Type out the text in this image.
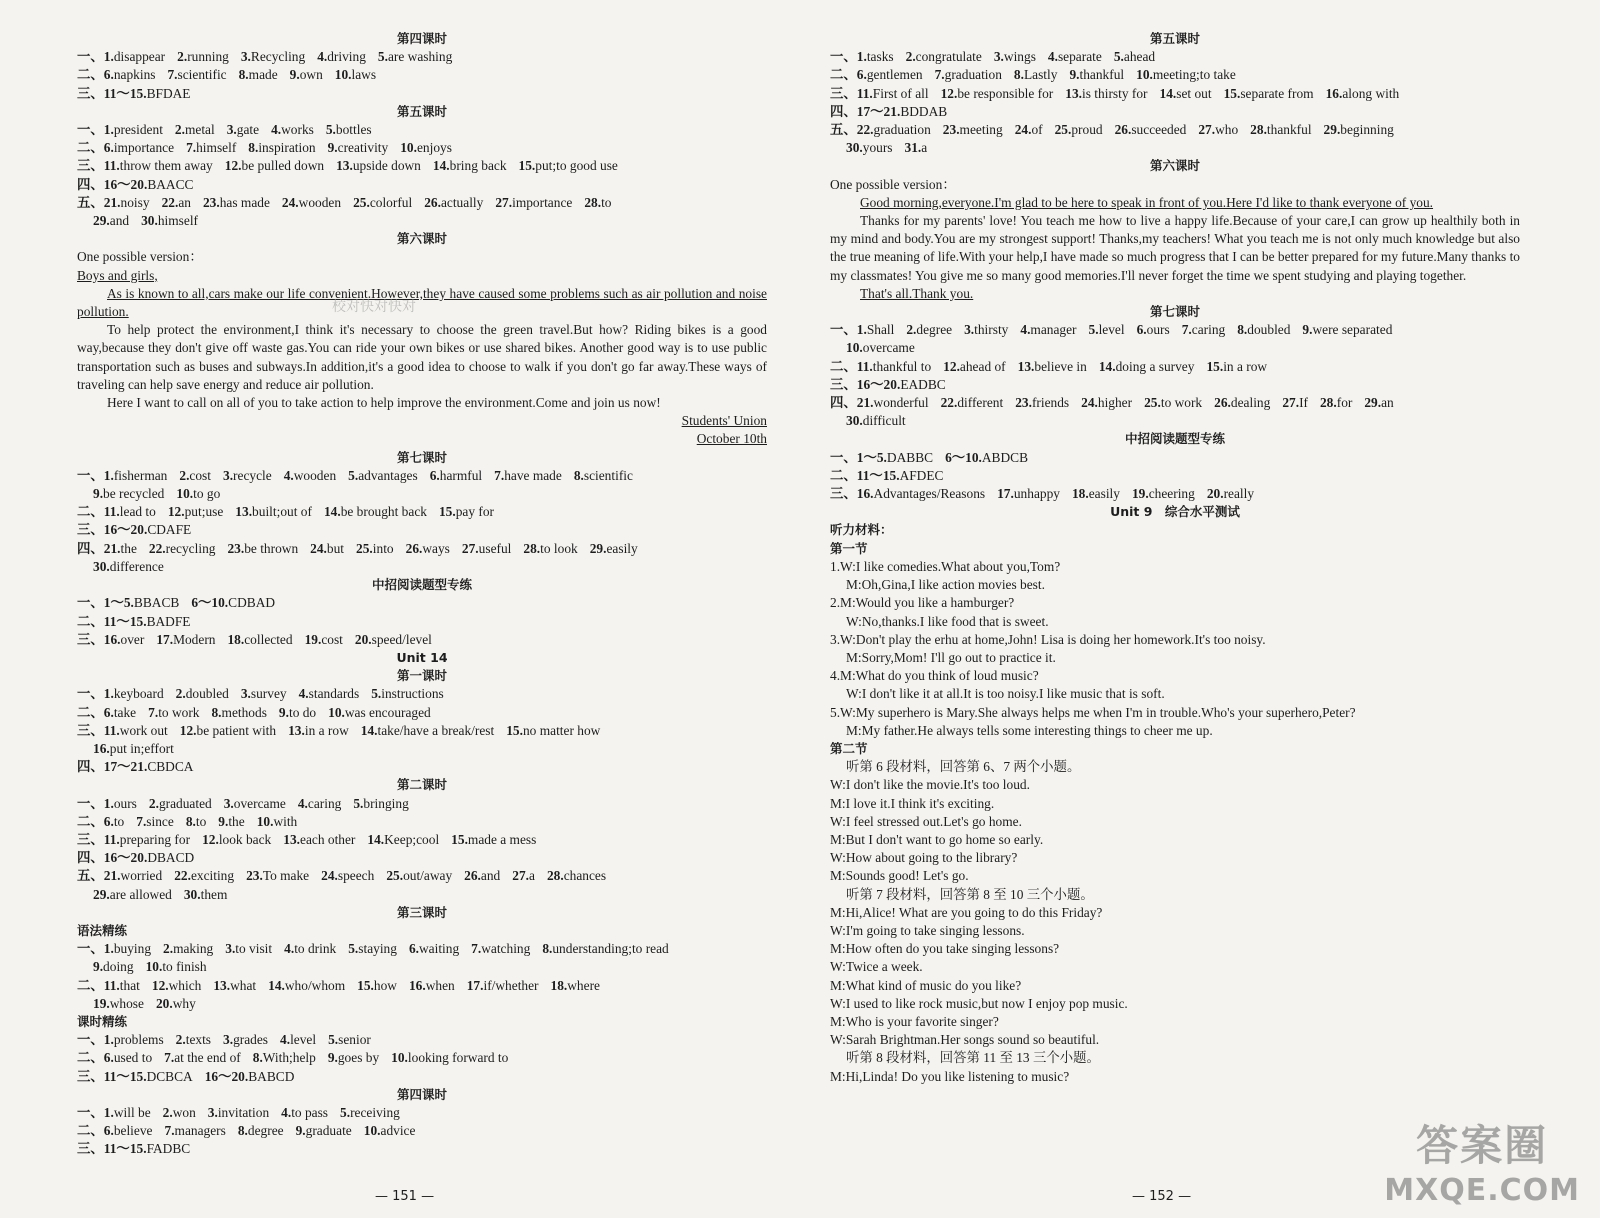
第四课时
一、1.disappear 2.running 3.Recycling 4.driving 5.are washing
二、6.napkins 7.scientific 8.made 9.own 10.laws
三、11～15.BFDAE
第五课时
一、1.president 2.metal 3.gate 4.works 5.bottles
二、6.importance 7.himself 8.inspiration 9.creativity 10.enjoys
三、11.throw them away 12.be pulled down 13.upside down 14.bring back 15.put;to good use
四、16～20.BAACC
五、21.noisy 22.an 23.has made 24.wooden 25.colorful 26.actually 27.importance 28.to
29.and 30.himself
第六课时
One possible version：
Boys and girls,
As is known to all,cars make our life convenient.However,they have caused some problems such as air pollution and noise pollution.
To help protect the environment,I think it's necessary to choose the green travel.But how? Riding bikes is a good way,because they don't give off waste gas.You can ride your own bikes or use shared bikes. Another good way is to use public transportation such as buses and subways.In addition,it's a good idea to choose to walk if you don't go far away.These ways of traveling can help save energy and reduce air pollution.
Here I want to call on all of you to take action to help improve the environment.Come and join us now!
Students' Union
October 10th
第七课时
一、1.fisherman 2.cost 3.recycle 4.wooden 5.advantages 6.harmful 7.have made 8.scientific
9.be recycled 10.to go
二、11.lead to 12.put;use 13.built;out of 14.be brought back 15.pay for
三、16～20.CDAFE
四、21.the 22.recycling 23.be thrown 24.but 25.into 26.ways 27.useful 28.to look 29.easily
30.difference
中招阅读题型专练
一、1～5.BBACB 6～10.CDBAD
二、11～15.BADFE
三、16.over 17.Modern 18.collected 19.cost 20.speed/level
Unit 14
第一课时
一、1.keyboard 2.doubled 3.survey 4.standards 5.instructions
二、6.take 7.to work 8.methods 9.to do 10.was encouraged
三、11.work out 12.be patient with 13.in a row 14.take/have a break/rest 15.no matter how
16.put in;effort
四、17～21.CBDCA
第二课时
一、1.ours 2.graduated 3.overcame 4.caring 5.bringing
二、6.to 7.since 8.to 9.the 10.with
三、11.preparing for 12.look back 13.each other 14.Keep;cool 15.made a mess
四、16～20.DBACD
五、21.worried 22.exciting 23.To make 24.speech 25.out/away 26.and 27.a 28.chances
29.are allowed 30.them
第三课时
语法精练
一、1.buying 2.making 3.to visit 4.to drink 5.staying 6.waiting 7.watching 8.understanding;to read
9.doing 10.to finish
二、11.that 12.which 13.what 14.who/whom 15.how 16.when 17.if/whether 18.where
19.whose 20.why
课时精练
一、1.problems 2.texts 3.grades 4.level 5.senior
二、6.used to 7.at the end of 8.With;help 9.goes by 10.looking forward to
三、11～15.DCBCA 16～20.BABCD
第四课时
一、1.will be 2.won 3.invitation 4.to pass 5.receiving
二、6.believe 7.managers 8.degree 9.graduate 10.advice
三、11～15.FADBC
校对快对快对
第五课时
一、1.tasks 2.congratulate 3.wings 4.separate 5.ahead
二、6.gentlemen 7.graduation 8.Lastly 9.thankful 10.meeting;to take
三、11.First of all 12.be responsible for 13.is thirsty for 14.set out 15.separate from 16.along with
四、17～21.BDDAB
五、22.graduation 23.meeting 24.of 25.proud 26.succeeded 27.who 28.thankful 29.beginning
30.yours 31.a
第六课时
One possible version：
Good morning,everyone.I'm glad to be here to speak in front of you.Here I'd like to thank everyone of you.
Thanks for my parents' love! You teach me how to live a happy life.Because of your care,I can grow up healthily both in my mind and body.You are my strongest support! Thanks,my teachers! What you teach me is not only much knowledge but also the true meaning of life.With your help,I have made so much progress that I can be better prepared for my future.Many thanks to my classmates! You give me so many good memories.I'll never forget the time we spent studying and playing together.
That's all.Thank you.
第七课时
一、1.Shall 2.degree 3.thirsty 4.manager 5.level 6.ours 7.caring 8.doubled 9.were separated
10.overcame
二、11.thankful to 12.ahead of 13.believe in 14.doing a survey 15.in a row
三、16～20.EADBC
四、21.wonderful 22.different 23.friends 24.higher 25.to work 26.dealing 27.If 28.for 29.an
30.difficult
中招阅读题型专练
一、1～5.DABBC 6～10.ABDCB
二、11～15.AFDEC
三、16.Advantages/Reasons 17.unhappy 18.easily 19.cheering 20.really
Unit 9　综合水平测试
听力材料：
第一节
1.W:I like comedies.What about you,Tom?
M:Oh,Gina,I like action movies best.
2.M:Would you like a hamburger?
W:No,thanks.I like food that is sweet.
3.W:Don't play the erhu at home,John! Lisa is doing her homework.It's too noisy.
M:Sorry,Mom! I'll go out to practice it.
4.M:What do you think of loud music?
W:I don't like it at all.It is too noisy.I like music that is soft.
5.W:My superhero is Mary.She always helps me when I'm in trouble.Who's your superhero,Peter?
M:My father.He always tells some interesting things to cheer me up.
第二节
听第 6 段材料，回答第 6、7 两个小题。
W:I don't like the movie.It's too loud.
M:I love it.I think it's exciting.
W:I feel stressed out.Let's go home.
M:But I don't want to go home so early.
W:How about going to the library?
M:Sounds good! Let's go.
听第 7 段材料，回答第 8 至 10 三个小题。
M:Hi,Alice! What are you going to do this Friday?
W:I'm going to take singing lessons.
M:How often do you take singing lessons?
W:Twice a week.
M:What kind of music do you like?
W:I used to like rock music,but now I enjoy pop music.
M:Who is your favorite singer?
W:Sarah Brightman.Her songs sound so beautiful.
听第 8 段材料，回答第 11 至 13 三个小题。
M:Hi,Linda! Do you like listening to music?
— 151 —	— 152 —
答案圈
MXQE.COM
